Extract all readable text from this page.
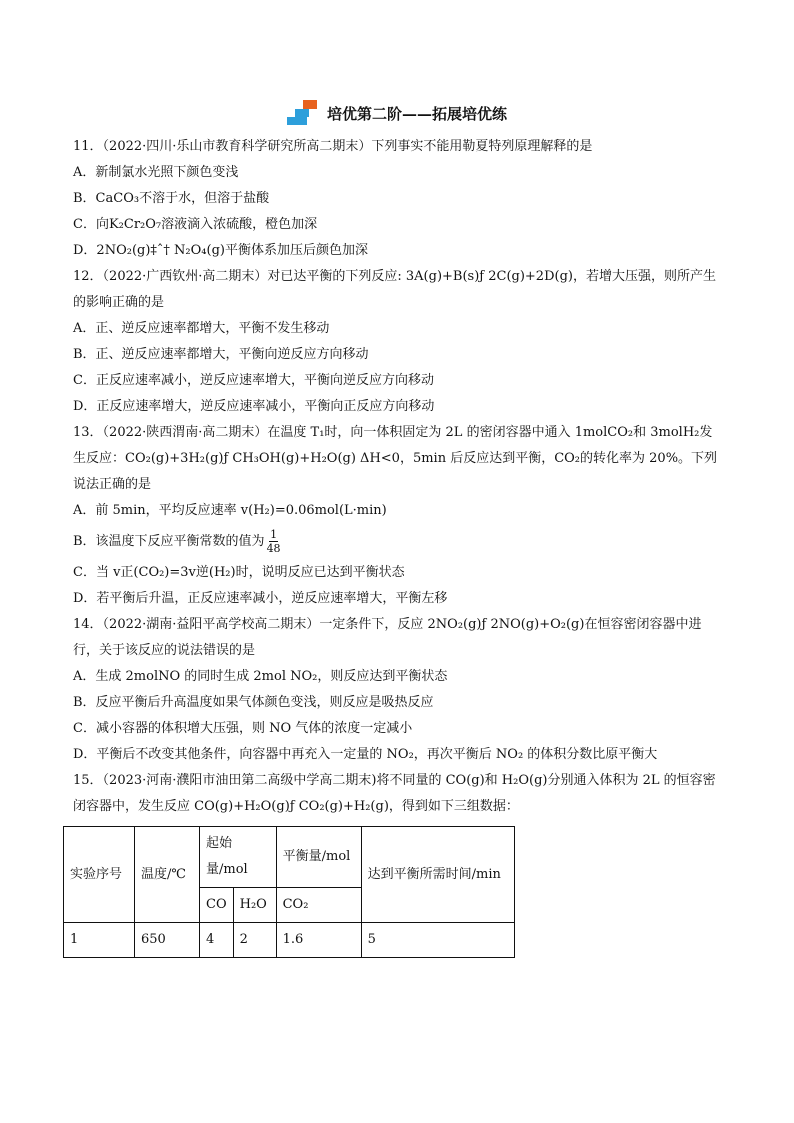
培优第二阶——拓展培优练

11．（2022·四川·乐山市教育科学研究所高二期末）下列事实不能用勒夏特列原理解释的是

A．新制氯水光照下颜色变浅

B．CaCO₃不溶于水，但溶于盐酸

C．向K₂Cr₂O₇溶液滴入浓硫酸，橙色加深

D．2NO₂(g)‡ˆ† N₂O₄(g)平衡体系加压后颜色加深

12．（2022·广西钦州·高二期末）对已达平衡的下列反应: 3A(g)+B(s)ƒ 2C(g)+2D(g)，若增大压强，则所产生的影响正确的是

A．正、逆反应速率都增大，平衡不发生移动

B．正、逆反应速率都增大，平衡向逆反应方向移动

C．正反应速率减小，逆反应速率增大，平衡向逆反应方向移动

D．正反应速率增大，逆反应速率减小，平衡向正反应方向移动

13．（2022·陕西渭南·高二期末）在温度 T₁时，向一体积固定为 2L 的密闭容器中通入 1molCO₂和 3molH₂发生反应：CO₂(g)+3H₂(g)ƒ CH₃OH(g)+H₂O(g) ΔH<0，5min 后反应达到平衡，CO₂的转化率为 20%。下列说法正确的是

A．前 5min，平均反应速率 v(H₂)=0.06mol(L·min)

B．该温度下反应平衡常数的值为 $\frac{1}{48}$

C．当 v正(CO₂)=3v逆(H₂)时，说明反应已达到平衡状态

D．若平衡后升温，正反应速率减小，逆反应速率增大，平衡左移

14．（2022·湖南·益阳平高学校高二期末）一定条件下，反应 2NO₂(g)ƒ 2NO(g)+O₂(g)在恒容密闭容器中进行，关于该反应的说法错误的是

A．生成 2molNO 的同时生成 2mol NO₂，则反应达到平衡状态

B．反应平衡后升高温度如果气体颜色变浅，则反应是吸热反应

C．减小容器的体积增大压强，则 NO 气体的浓度一定减小

D．平衡后不改变其他条件，向容器中再充入一定量的 NO₂，再次平衡后 NO₂ 的体积分数比原平衡大

15．（2023·河南·濮阳市油田第二高级中学高二期末)将不同量的 CO(g)和 H₂O(g)分别通入体积为 2L 的恒容密闭容器中，发生反应 CO(g)+H₂O(g)ƒ CO₂(g)+H₂(g)，得到如下三组数据：

实验序号	温度/℃	起始量/mol		平衡量/mol	达到平衡所需时间/min
		CO	H₂O	CO₂	
1	650	4	2	1.6	5
